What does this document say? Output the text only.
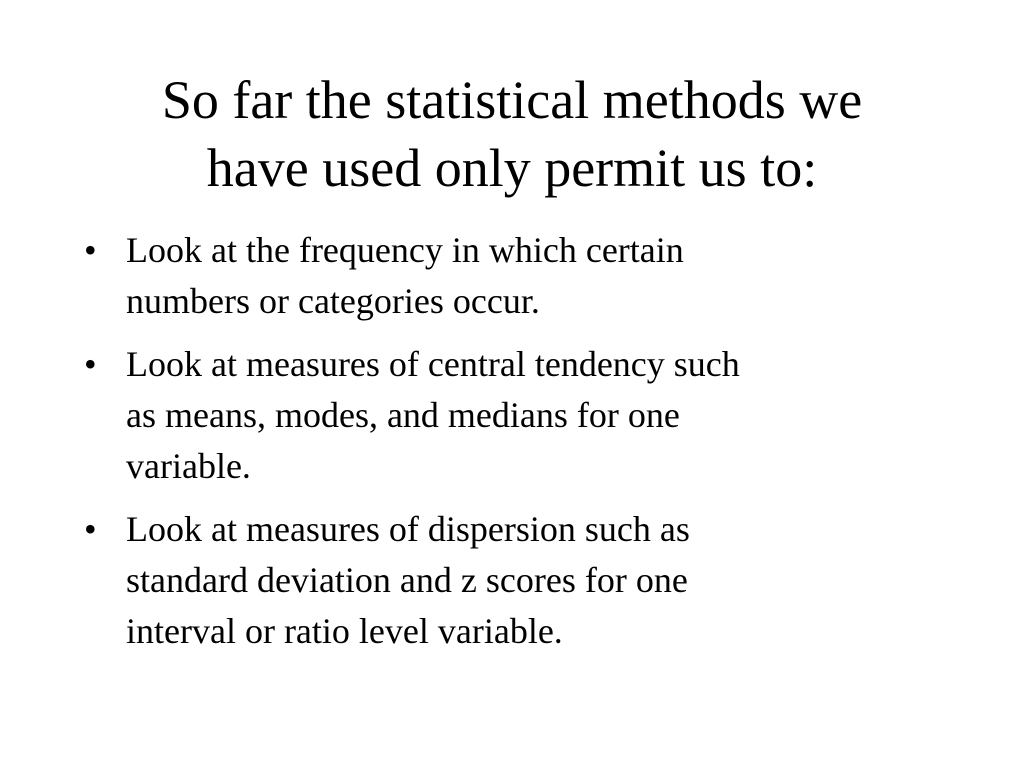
So far the statistical methods we
have used only permit us to:
• Look at the frequency in which certain
numbers or categories occur.
• Look at measures of central tendency such
as means, modes, and medians for one
variable.
• Look at measures of dispersion such as
standard deviation and z scores for one
interval or ratio level variable.
